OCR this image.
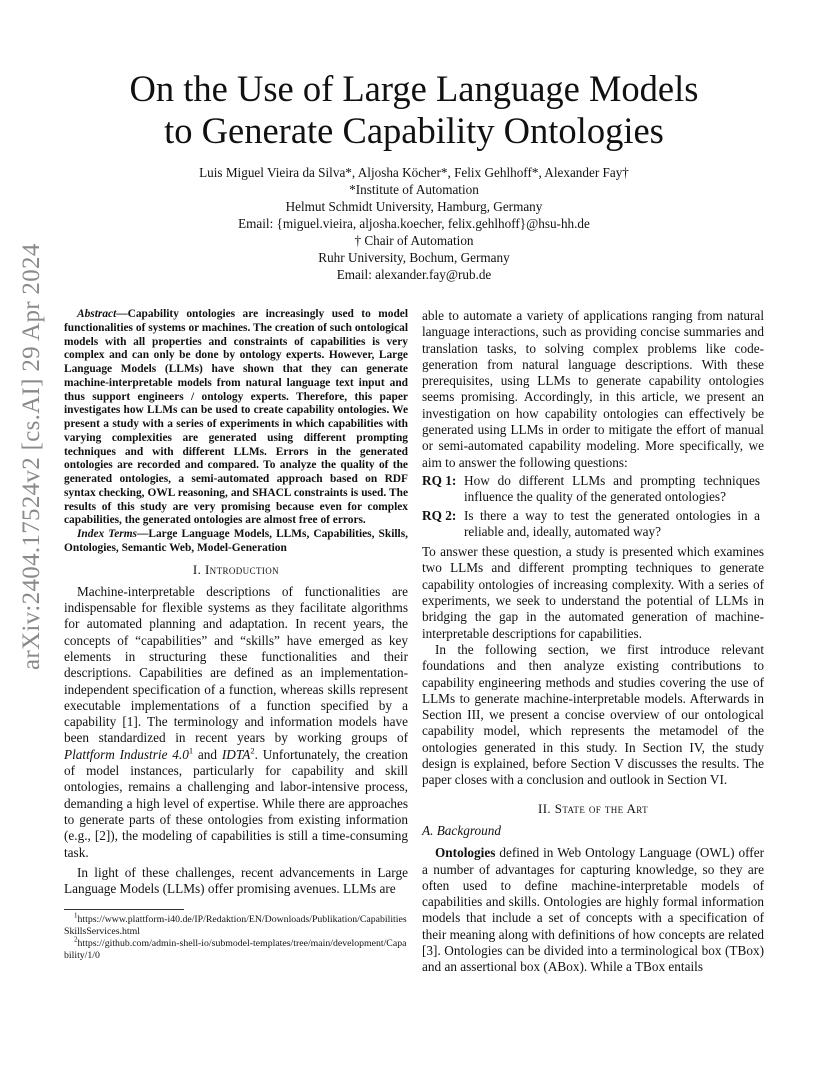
arXiv:2404.17524v2 [cs.AI] 29 Apr 2024
On the Use of Large Language Models
to Generate Capability Ontologies
Luis Miguel Vieira da Silva*, Aljosha Köcher*, Felix Gehlhoff*, Alexander Fay†
*Institute of Automation
Helmut Schmidt University, Hamburg, Germany
Email: {miguel.vieira, aljosha.koecher, felix.gehlhoff}@hsu-hh.de
† Chair of Automation
Ruhr University, Bochum, Germany
Email: alexander.fay@rub.de

Abstract—Capability ontologies are increasingly used to model functionalities of systems or machines. The creation of such ontological models with all properties and constraints of capabilities is very complex and can only be done by ontology experts. However, Large Language Models (LLMs) have shown that they can generate machine-interpretable models from natural language text input and thus support engineers / ontology experts. Therefore, this paper investigates how LLMs can be used to create capability ontologies. We present a study with a series of experiments in which capabilities with varying complexities are generated using different prompting techniques and with different LLMs. Errors in the generated ontologies are recorded and compared. To analyze the quality of the generated ontologies, a semi-automated approach based on RDF syntax checking, OWL reasoning, and SHACL constraints is used. The results of this study are very promising because even for complex capabilities, the generated ontologies are almost free of errors.

Index Terms—Large Language Models, LLMs, Capabilities, Skills, Ontologies, Semantic Web, Model-Generation

I. Introduction

Machine-interpretable descriptions of functionalities are indispensable for flexible systems as they facilitate algorithms for automated planning and adaptation. In recent years, the concepts of “capabilities” and “skills” have emerged as key elements in structuring these functionalities and their descriptions. Capabilities are defined as an implementation-independent specification of a function, whereas skills represent executable implementations of a function specified by a capability [1]. The terminology and information models have been standardized in recent years by working groups of Plattform Industrie $4.0^1$ and IDTA$^2$. Unfortunately, the creation of model instances, particularly for capability and skill ontologies, remains a challenging and labor-intensive process, demanding a high level of expertise. While there are approaches to generate parts of these ontologies from existing information (e.g., [2]), the modeling of capabilities is still a time-consuming task.

In light of these challenges, recent advancements in Large Language Models (LLMs) offer promising avenues. LLMs are

$^1$https://www.plattform-i40.de/IP/Redaktion/EN/Downloads/Publikation/CapabilitiesSkillsServices.html

$^2$https://github.com/admin-shell-io/submodel-templates/tree/main/development/Capability/1/0

able to automate a variety of applications ranging from natural language interactions, such as providing concise summaries and translation tasks, to solving complex problems like code-generation from natural language descriptions. With these prerequisites, using LLMs to generate capability ontologies seems promising. Accordingly, in this article, we present an investigation on how capability ontologies can effectively be generated using LLMs in order to mitigate the effort of manual or semi-automated capability modeling. More specifically, we aim to answer the following questions:

RQ 1: How do different LLMs and prompting techniques influence the quality of the generated ontologies?
RQ 2: Is there a way to test the generated ontologies in a reliable and, ideally, automated way?

To answer these question, a study is presented which examines two LLMs and different prompting techniques to generate capability ontologies of increasing complexity. With a series of experiments, we seek to understand the potential of LLMs in bridging the gap in the automated generation of machine-interpretable descriptions for capabilities.

In the following section, we first introduce relevant foundations and then analyze existing contributions to capability engineering methods and studies covering the use of LLMs to generate machine-interpretable models. Afterwards in Section III, we present a concise overview of our ontological capability model, which represents the metamodel of the ontologies generated in this study. In Section IV, the study design is explained, before Section V discusses the results. The paper closes with a conclusion and outlook in Section VI.

II. State of the Art
A. Background

Ontologies defined in Web Ontology Language (OWL) offer a number of advantages for capturing knowledge, so they are often used to define machine-interpretable models of capabilities and skills. Ontologies are highly formal information models that include a set of concepts with a specification of their meaning along with definitions of how concepts are related [3]. Ontologies can be divided into a terminological box (TBox) and an assertional box (ABox). While a TBox entails
